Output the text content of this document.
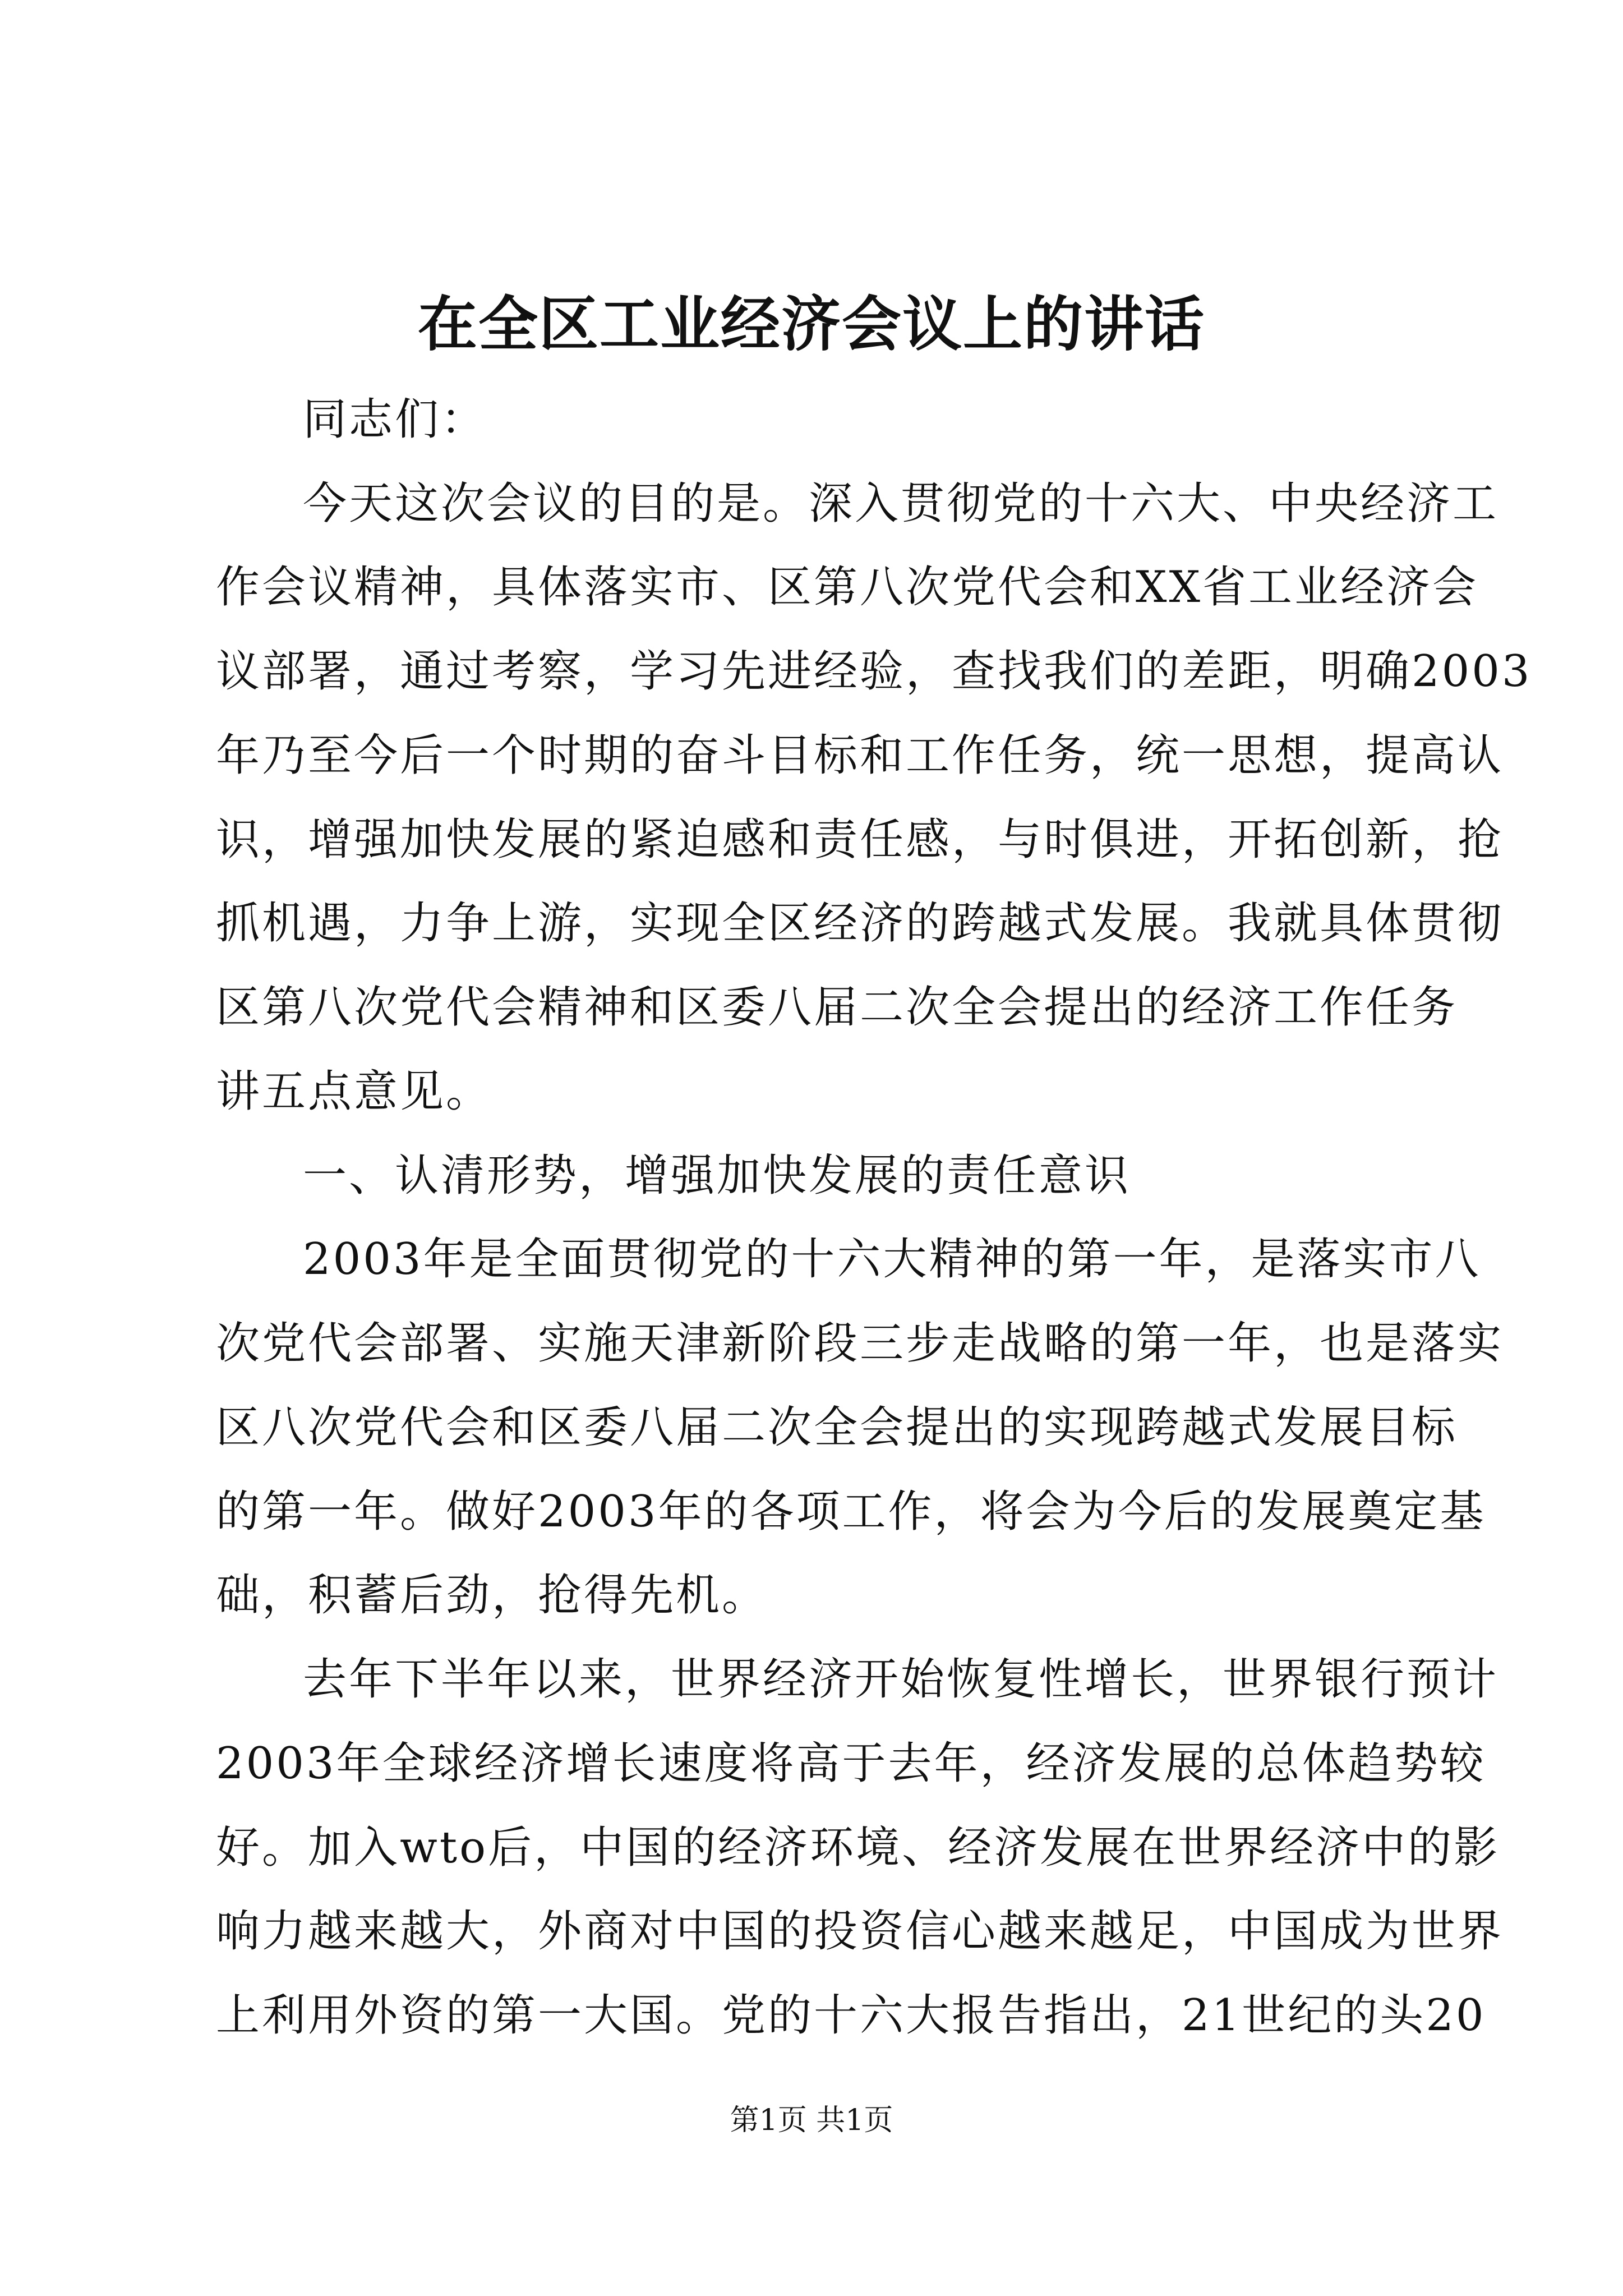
在全区工业经济会议上的讲话
同志们：
今天这次会议的目的是。深入贯彻党的十六大、中央经济工
作会议精神，具体落实市、区第八次党代会和XX省工业经济会
议部署，通过考察，学习先进经验，查找我们的差距，明确2003
年乃至今后一个时期的奋斗目标和工作任务，统一思想，提高认
识，增强加快发展的紧迫感和责任感，与时俱进，开拓创新，抢
抓机遇，力争上游，实现全区经济的跨越式发展。我就具体贯彻
区第八次党代会精神和区委八届二次全会提出的经济工作任务
讲五点意见。
一、认清形势，增强加快发展的责任意识
2003年是全面贯彻党的十六大精神的第一年，是落实市八
次党代会部署、实施天津新阶段三步走战略的第一年，也是落实
区八次党代会和区委八届二次全会提出的实现跨越式发展目标
的第一年。做好2003年的各项工作，将会为今后的发展奠定基
础，积蓄后劲，抢得先机。
去年下半年以来，世界经济开始恢复性增长，世界银行预计
2003年全球经济增长速度将高于去年，经济发展的总体趋势较
好。加入wto后，中国的经济环境、经济发展在世界经济中的影
第1页 共1页
响力越来越大，外商对中国的投资信心越来越足，中国成为世界
上利用外资的第一大国。党的十六大报告指出，21世纪的头20
